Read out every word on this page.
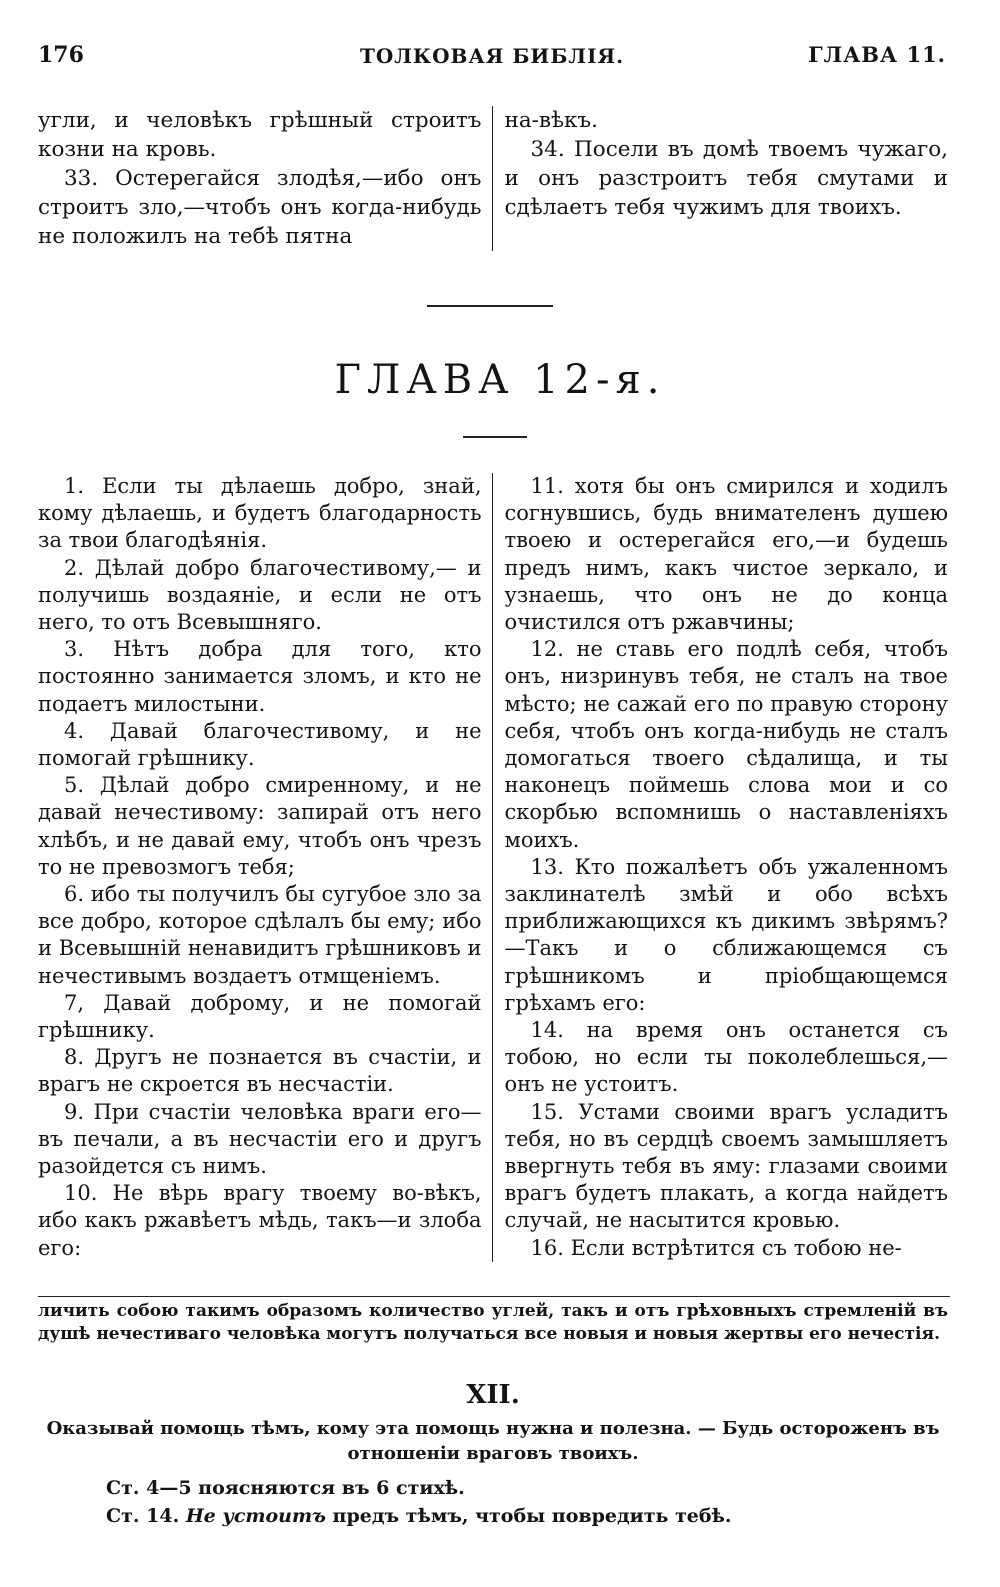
176	ТОЛКОВАЯ БИБЛІЯ.	ГЛАВА 11.

угли, и человѣкъ грѣшный строитъ козни на кровь.

33. Остерегайся злодѣя,—ибо онъ строитъ зло,—чтобъ онъ когда-нибудь не положилъ на тебѣ пятна

на-вѣкъ.

34. Посели въ домѣ твоемъ чужаго, и онъ разстроитъ тебя смутами и сдѣлаетъ тебя чужимъ для твоихъ.

ГЛАВА 12-я.

1. Если ты дѣлаешь добро, знай, кому дѣлаешь, и будетъ благодарность за твои благодѣянія.

2. Дѣлай добро благочестивому,— и получишь воздаяніе, и если не отъ него, то отъ Всевышняго.

3. Нѣтъ добра для того, кто постоянно занимается зломъ, и кто не подаетъ милостыни.

4. Давай благочестивому, и не помогай грѣшнику.

5. Дѣлай добро смиренному, и не давай нечестивому: запирай отъ него хлѣбъ, и не давай ему, чтобъ онъ чрезъ то не превозмогъ тебя;

6. ибо ты получилъ бы сугубое зло за все добро, которое сдѣлалъ бы ему; ибо и Всевышній ненавидитъ грѣшниковъ и нечестивымъ воздаетъ отмщеніемъ.

7, Давай доброму, и не помогай грѣшнику.

8. Другъ не познается въ счастіи, и врагъ не скроется въ несчастіи.

9. При счастіи человѣка враги его—въ печали, а въ несчастіи его и другъ разойдется съ нимъ.

10. Не вѣрь врагу твоему во-вѣкъ, ибо какъ ржавѣетъ мѣдь, такъ—и злоба его:

11. хотя бы онъ смирился и ходилъ согнувшись, будь внимателенъ душею твоею и остерегайся его,—и будешь предъ нимъ, какъ чистое зеркало, и узнаешь, что онъ не до конца очистился отъ ржавчины;

12. не ставь его подлѣ себя, чтобъ онъ, низринувъ тебя, не сталъ на твое мѣсто; не сажай его по правую сторону себя, чтобъ онъ когда-нибудь не сталъ домогаться твоего сѣдалища, и ты наконецъ поймешь слова мои и со скорбью вспомнишь о наставленіяхъ моихъ.

13. Кто пожалѣетъ объ ужаленномъ заклинателѣ змѣй и обо всѣхъ приближающихся къ дикимъ звѣрямъ?—Такъ и о сближающемся съ грѣшникомъ и пріобщающемся грѣхамъ его:

14. на время онъ останется съ тобою, но если ты поколеблешься,— онъ не устоитъ.

15. Устами своими врагъ усладитъ тебя, но въ сердцѣ своемъ замышляетъ ввергнуть тебя въ яму: глазами своими врагъ будетъ плакать, а когда найдетъ случай, не насытится кровью.

16. Если встрѣтится съ тобою не-

личить собою такимъ образомъ количество углей, такъ и отъ грѣховныхъ стремленій въ душѣ нечестиваго человѣка могутъ получаться все новыя и новыя жертвы его нечестія.
XII.
Оказывай помощь тѣмъ, кому эта помощь нужна и полезна. — Будь остороженъ въ отношеніи враговъ твоихъ.
Ст. 4—5 поясняются въ 6 стихѣ.
Ст. 14. Не устоитъ предъ тѣмъ, чтобы повредить тебѣ.
